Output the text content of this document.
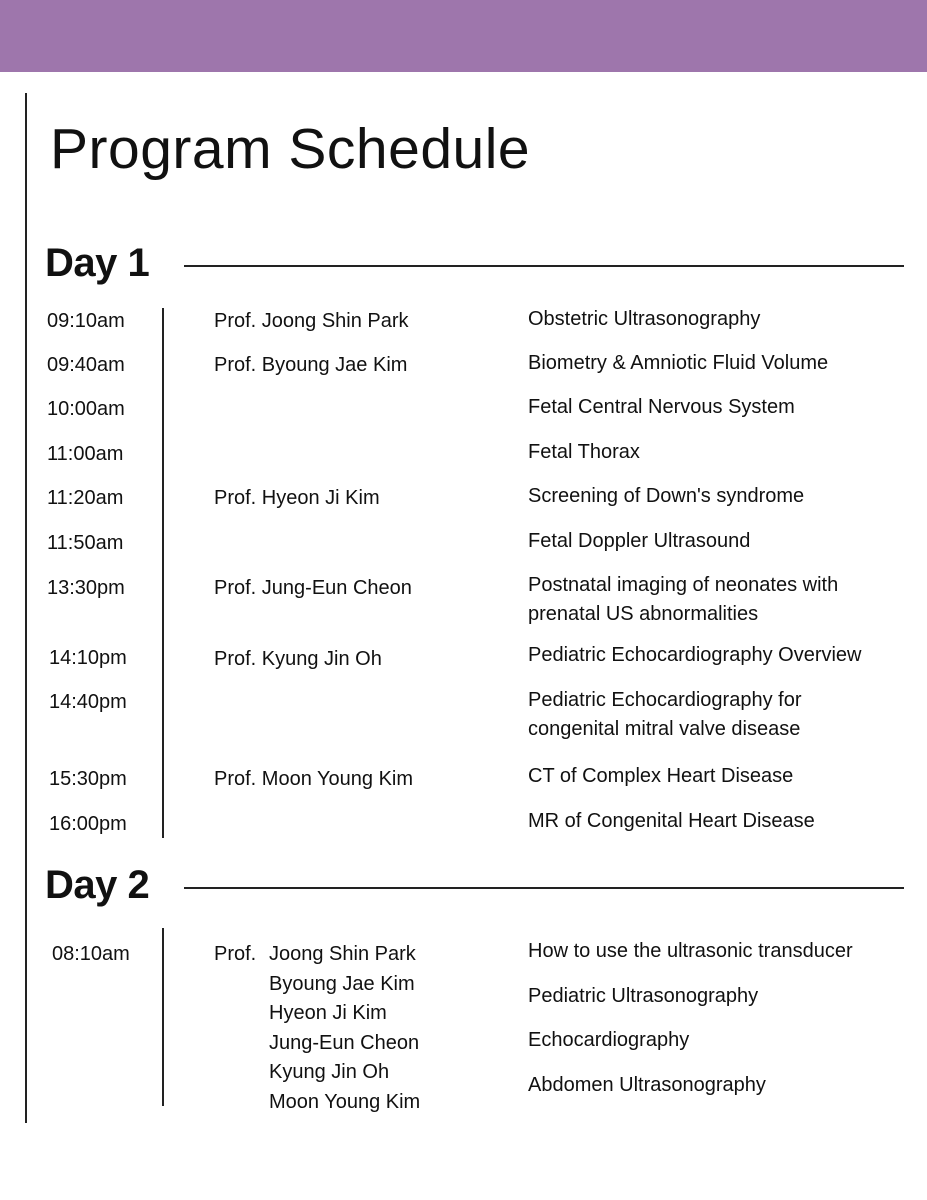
Program Schedule
Day 1
09:10am	Prof. Joong Shin Park	Obstetric Ultrasonography
09:40am	Prof. Byoung Jae Kim	Biometry & Amniotic Fluid Volume
10:00am	Fetal Central Nervous System
11:00am	Fetal Thorax
11:20am	Prof. Hyeon Ji Kim	Screening of Down's syndrome
11:50am	Fetal Doppler Ultrasound
13:30pm	Prof. Jung-Eun Cheon	Postnatal imaging of neonates with
prenatal US abnormalities
14:10pm	Prof. Kyung Jin Oh	Pediatric Echocardiography Overview
14:40pm	Pediatric Echocardiography for
congenital mitral valve disease
15:30pm	Prof. Moon Young Kim	CT of Complex Heart Disease
16:00pm	MR of Congenital Heart Disease
Day 2
08:10am	Prof. Joong Shin Park
Byoung Jae Kim
Hyeon Ji Kim
Jung-Eun Cheon
Kyung Jin Oh
Moon Young Kim
How to use the ultrasonic transducer
Pediatric Ultrasonography
Echocardiography
Abdomen Ultrasonography
